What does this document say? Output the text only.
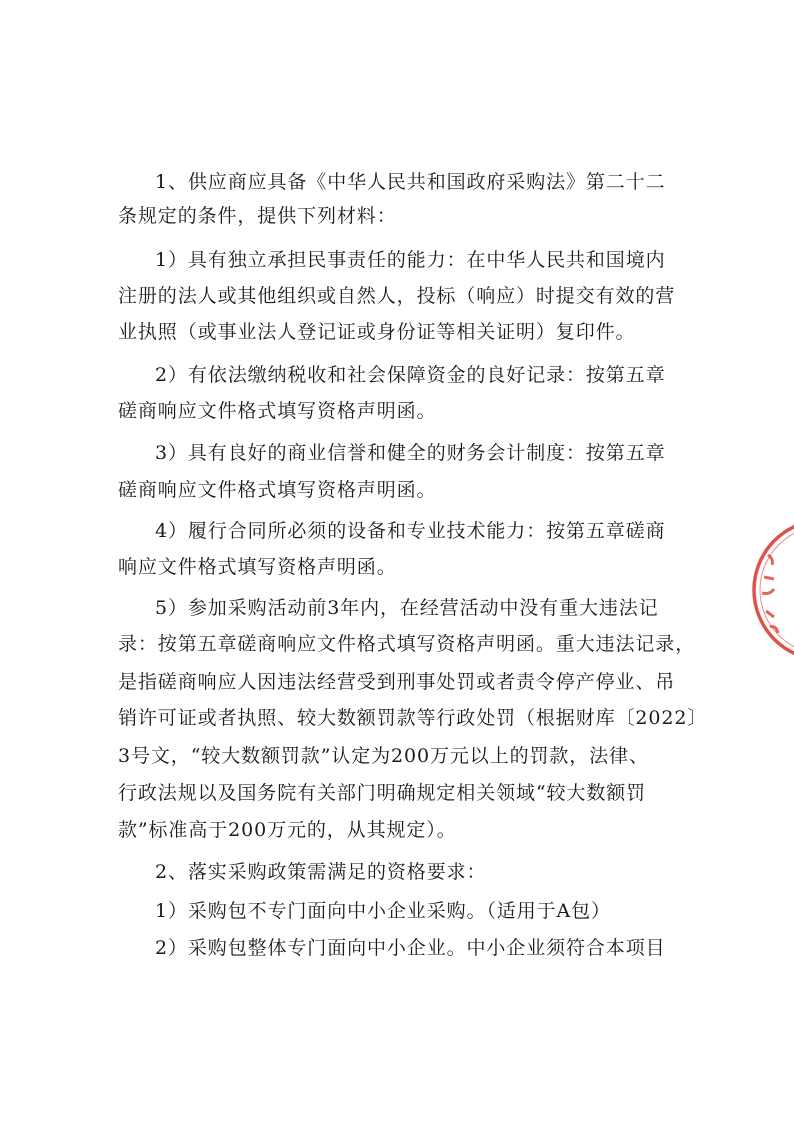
1、供应商应具备《中华人民共和国政府采购法》第二十二
条规定的条件，提供下列材料：
1）具有独立承担民事责任的能力：在中华人民共和国境内
注册的法人或其他组织或自然人，投标（响应）时提交有效的营
业执照（或事业法人登记证或身份证等相关证明）复印件。
2）有依法缴纳税收和社会保障资金的良好记录：按第五章
磋商响应文件格式填写资格声明函。
3）具有良好的商业信誉和健全的财务会计制度：按第五章
磋商响应文件格式填写资格声明函。
4）履行合同所必须的设备和专业技术能力：按第五章磋商
响应文件格式填写资格声明函。
5）参加采购活动前3年内，在经营活动中没有重大违法记
录：按第五章磋商响应文件格式填写资格声明函。重大违法记录，
是指磋商响应人因违法经营受到刑事处罚或者责令停产停业、吊
销许可证或者执照、较大数额罚款等行政处罚（根据财库〔2022〕
3号文，“较大数额罚款”认定为200万元以上的罚款，法律、
行政法规以及国务院有关部门明确规定相关领域“较大数额罚
款”标准高于200万元的，从其规定）。
2、落实采购政策需满足的资格要求：
1）采购包不专门面向中小企业采购。（适用于A包）
2）采购包整体专门面向中小企业。中小企业须符合本项目
